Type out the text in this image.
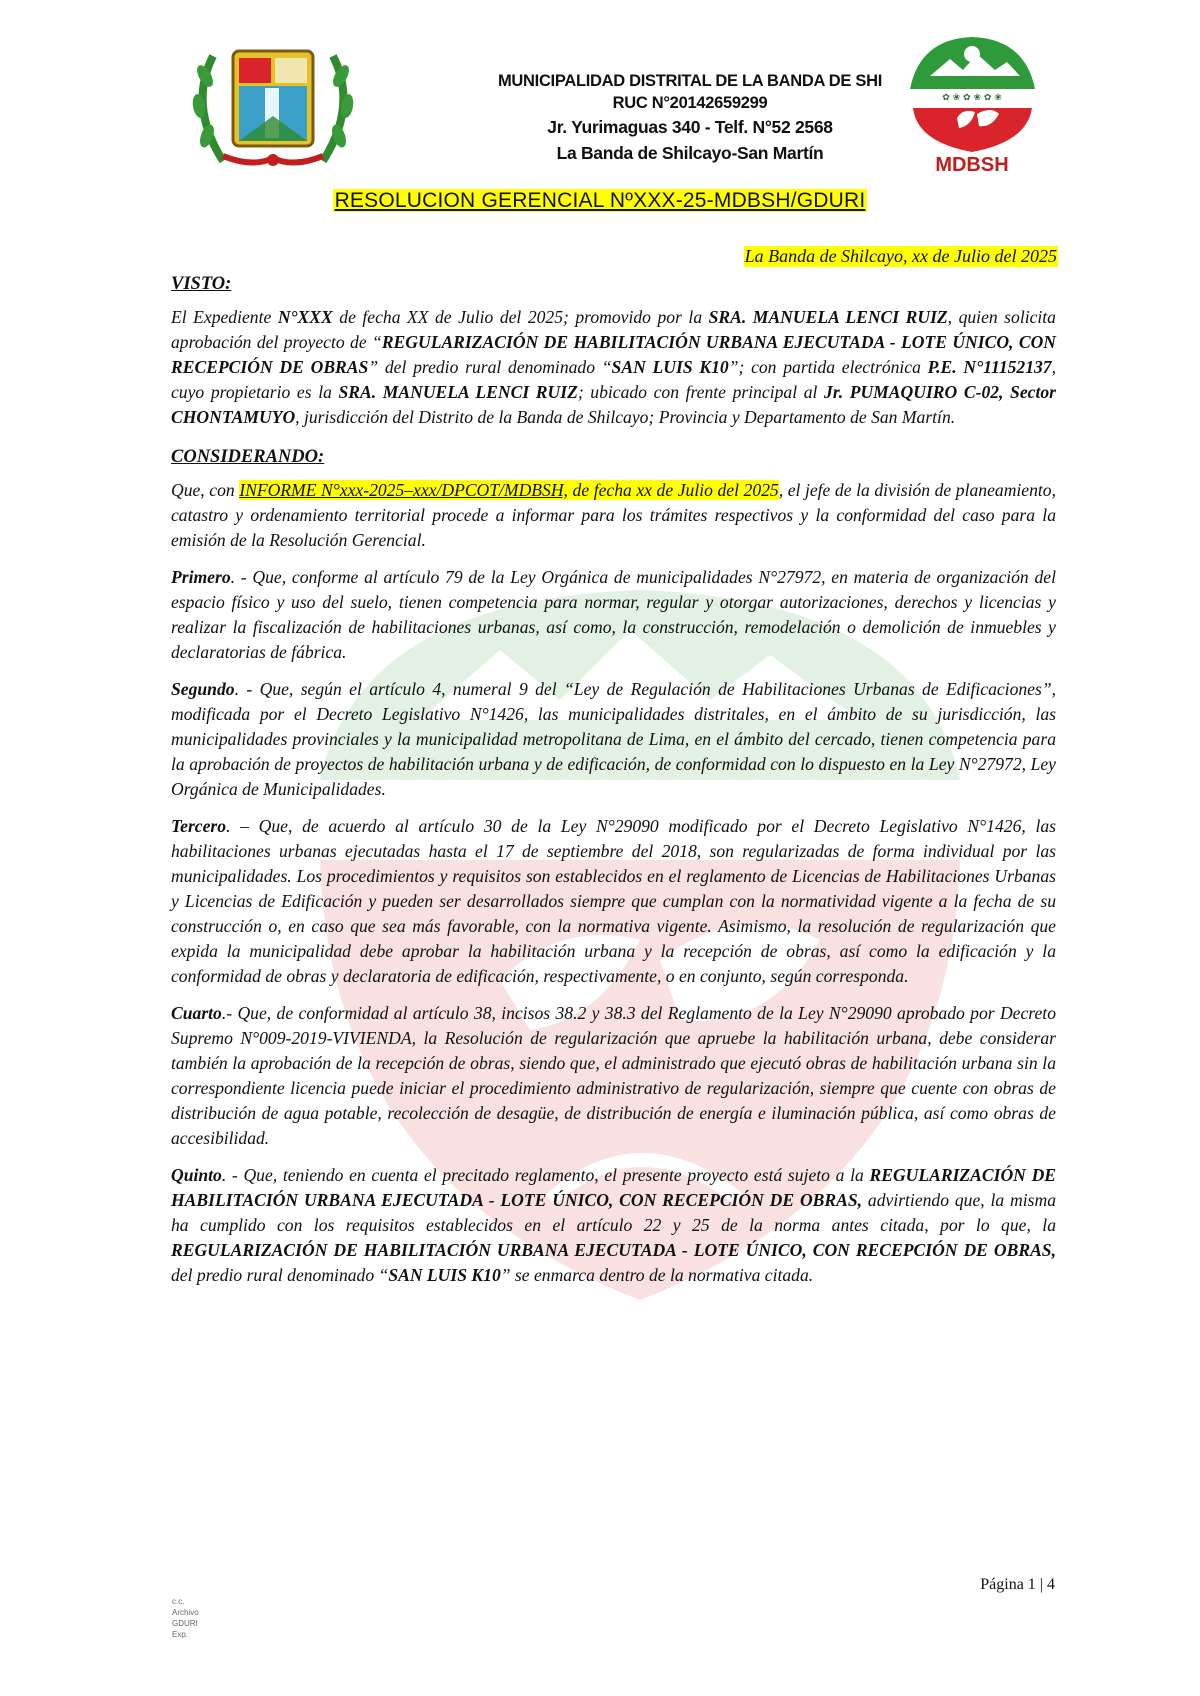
✿ ❀ ✿ ❀ ✿ ❀
MDBSH
MUNICIPALIDAD DISTRITAL DE LA BANDA DE SHI
RUC N°20142659299
Jr. Yurimaguas 340 - Telf. N°52 2568
La Banda de Shilcayo-San Martín
RESOLUCION GERENCIAL NºXXX-25-MDBSH/GDURI
La Banda de Shilcayo, xx de Julio del 2025

VISTO:

El Expediente N°XXX de fecha XX de Julio del 2025; promovido por la SRA. MANUELA LENCI RUIZ, quien solicita aprobación del proyecto de “REGULARIZACIÓN DE HABILITACIÓN URBANA EJECUTADA - LOTE ÚNICO, CON RECEPCIÓN DE OBRAS” del predio rural denominado “SAN LUIS K10”; con partida electrónica P.E. N°11152137, cuyo propietario es la SRA. MANUELA LENCI RUIZ; ubicado con frente principal al Jr. PUMAQUIRO C-02, Sector CHONTAMUYO, jurisdicción del Distrito de la Banda de Shilcayo; Provincia y Departamento de San Martín.

CONSIDERANDO:

Que, con INFORME N°xxx-2025–xxx/DPCOT/MDBSH, de fecha xx de Julio del 2025, el jefe de la división de planeamiento, catastro y ordenamiento territorial procede a informar para los trámites respectivos y la conformidad del caso para la emisión de la Resolución Gerencial.

Primero. - Que, conforme al artículo 79 de la Ley Orgánica de municipalidades N°27972, en materia de organización del espacio físico y uso del suelo, tienen competencia para normar, regular y otorgar autorizaciones, derechos y licencias y realizar la fiscalización de habilitaciones urbanas, así como, la construcción, remodelación o demolición de inmuebles y declaratorias de fábrica.

Segundo. - Que, según el artículo 4, numeral 9 del “Ley de Regulación de Habilitaciones Urbanas de Edificaciones”, modificada por el Decreto Legislativo N°1426, las municipalidades distritales, en el ámbito de su jurisdicción, las municipalidades provinciales y la municipalidad metropolitana de Lima, en el ámbito del cercado, tienen competencia para la aprobación de proyectos de habilitación urbana y de edificación, de conformidad con lo dispuesto en la Ley N°27972, Ley Orgánica de Municipalidades.

Tercero. – Que, de acuerdo al artículo 30 de la Ley N°29090 modificado por el Decreto Legislativo N°1426, las habilitaciones urbanas ejecutadas hasta el 17 de septiembre del 2018, son regularizadas de forma individual por las municipalidades. Los procedimientos y requisitos son establecidos en el reglamento de Licencias de Habilitaciones Urbanas y Licencias de Edificación y pueden ser desarrollados siempre que cumplan con la normatividad vigente a la fecha de su construcción o, en caso que sea más favorable, con la normativa vigente. Asimismo, la resolución de regularización que expida la municipalidad debe aprobar la habilitación urbana y la recepción de obras, así como la edificación y la conformidad de obras y declaratoria de edificación, respectivamente, o en conjunto, según corresponda.

Cuarto.- Que, de conformidad al artículo 38, incisos 38.2 y 38.3 del Reglamento de la Ley N°29090 aprobado por Decreto Supremo N°009-2019-VIVIENDA, la Resolución de regularización que apruebe la habilitación urbana, debe considerar también la aprobación de la recepción de obras, siendo que, el administrado que ejecutó obras de habilitación urbana sin la correspondiente licencia puede iniciar el procedimiento administrativo de regularización, siempre que cuente con obras de distribución de agua potable, recolección de desagüe, de distribución de energía e iluminación pública, así como obras de accesibilidad.

Quinto. - Que, teniendo en cuenta el precitado reglamento, el presente proyecto está sujeto a la REGULARIZACIÓN DE HABILITACIÓN URBANA EJECUTADA - LOTE ÚNICO, CON RECEPCIÓN DE OBRAS, advirtiendo que, la misma ha cumplido con los requisitos establecidos en el artículo 22 y 25 de la norma antes citada, por lo que, la REGULARIZACIÓN DE HABILITACIÓN URBANA EJECUTADA - LOTE ÚNICO, CON RECEPCIÓN DE OBRAS, del predio rural denominado “SAN LUIS K10” se enmarca dentro de la normativa citada.

Página 1 | 4
c.c.
Archivo
GDURI
Exp.
